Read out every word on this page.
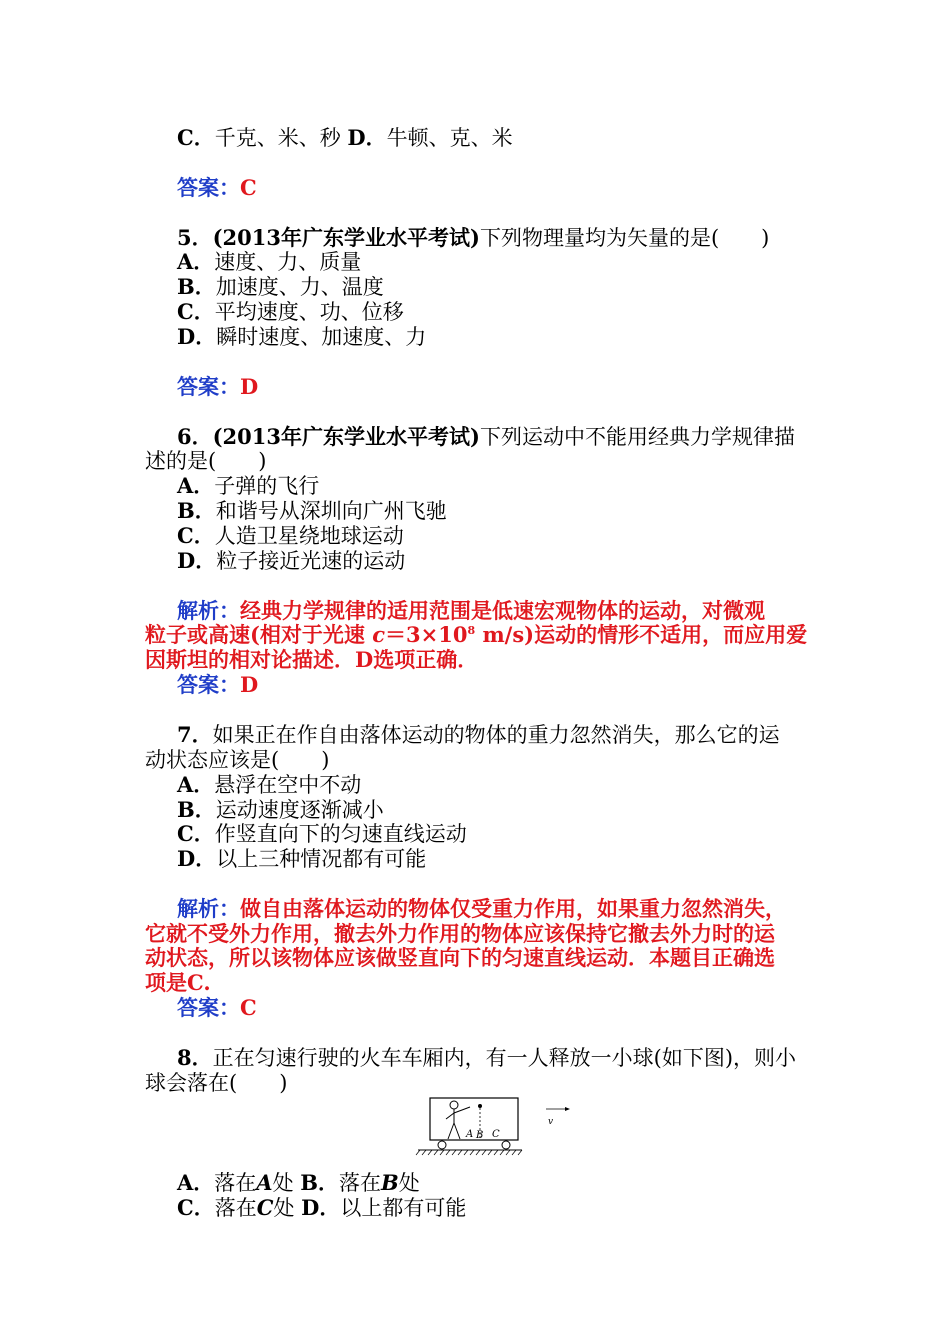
C．千克、米、秒 D．牛顿、克、米
答案：C
5．(2013年广东学业水平考试)下列物理量均为矢量的是(　　)
A．速度、力、质量
B．加速度、力、温度
C．平均速度、功、位移
D．瞬时速度、加速度、力
答案：D
6．(2013年广东学业水平考试)下列运动中不能用经典力学规律描
述的是(　　)
A．子弹的飞行
B．和谐号从深圳向广州飞驰
C．人造卫星绕地球运动
D．粒子接近光速的运动
解析：经典力学规律的适用范围是低速宏观物体的运动，对微观
粒子或高速(相对于光速 $c=3\times 10^8$ m/s)运动的情形不适用，而应用爱
因斯坦的相对论描述．D选项正确．
答案：D
7．如果正在作自由落体运动的物体的重力忽然消失，那么它的运
动状态应该是(　　)
A．悬浮在空中不动
B．运动速度逐渐减小
C．作竖直向下的匀速直线运动
D．以上三种情况都有可能
解析：做自由落体运动的物体仅受重力作用，如果重力忽然消失，
它就不受外力作用，撤去外力作用的物体应该保持它撤去外力时的运
动状态，所以该物体应该做竖直向下的匀速直线运动．本题目正确选
项是C.
答案：C
8．正在匀速行驶的火车车厢内，有一人释放一小球(如下图)，则小
球会落在(　　)
A B C
v
A．落在A处 B．落在B处
C．落在C处 D．以上都有可能
